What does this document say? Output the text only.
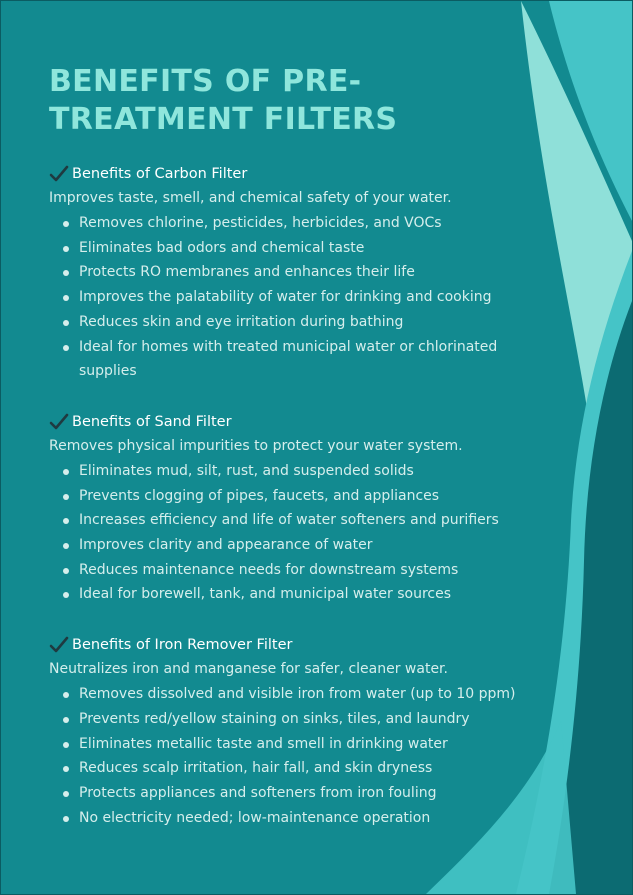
BENEFITS OF PRE-TREATMENT FILTERS
Benefits of Carbon Filter
Improves taste, smell, and chemical safety of your water.
Removes chlorine, pesticides, herbicides, and VOCs
Eliminates bad odors and chemical taste
Protects RO membranes and enhances their life
Improves the palatability of water for drinking and cooking
Reduces skin and eye irritation during bathing
Ideal for homes with treated municipal water or chlorinated supplies
Benefits of Sand Filter
Removes physical impurities to protect your water system.
Eliminates mud, silt, rust, and suspended solids
Prevents clogging of pipes, faucets, and appliances
Increases efficiency and life of water softeners and purifiers
Improves clarity and appearance of water
Reduces maintenance needs for downstream systems
Ideal for borewell, tank, and municipal water sources
Benefits of Iron Remover Filter
Neutralizes iron and manganese for safer, cleaner water.
Removes dissolved and visible iron from water (up to 10 ppm)
Prevents red/yellow staining on sinks, tiles, and laundry
Eliminates metallic taste and smell in drinking water
Reduces scalp irritation, hair fall, and skin dryness
Protects appliances and softeners from iron fouling
No electricity needed; low-maintenance operation
